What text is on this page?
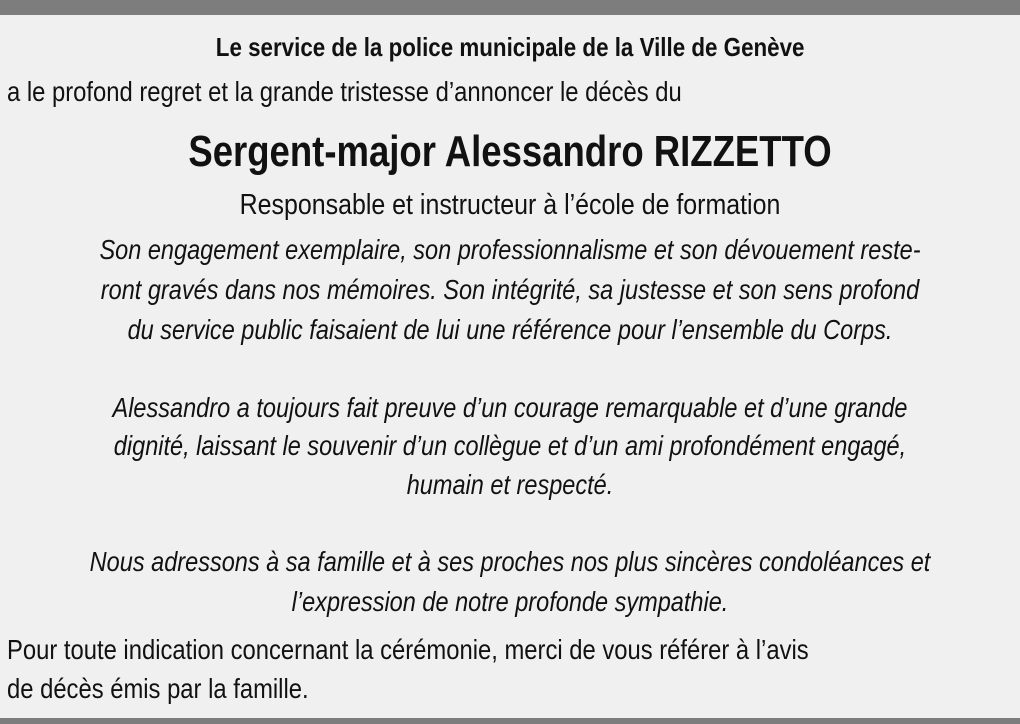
Le service de la police municipale de la Ville de Genève

a le profond regret et la grande tristesse d’annoncer le décès du

Sergent-major Alessandro RIZZETTO

Responsable et instructeur à l’école de formation

Son engagement exemplaire, son professionnalisme et son dévouement reste-

ront gravés dans nos mémoires. Son intégrité, sa justesse et son sens profond

du service public faisaient de lui une référence pour l’ensemble du Corps.

Alessandro a toujours fait preuve d’un courage remarquable et d’une grande

dignité, laissant le souvenir d’un collègue et d’un ami profondément engagé,

humain et respecté.

Nous adressons à sa famille et à ses proches nos plus sincères condoléances et

l’expression de notre profonde sympathie.

Pour toute indication concernant la cérémonie, merci de vous référer à l’avis

de décès émis par la famille.
